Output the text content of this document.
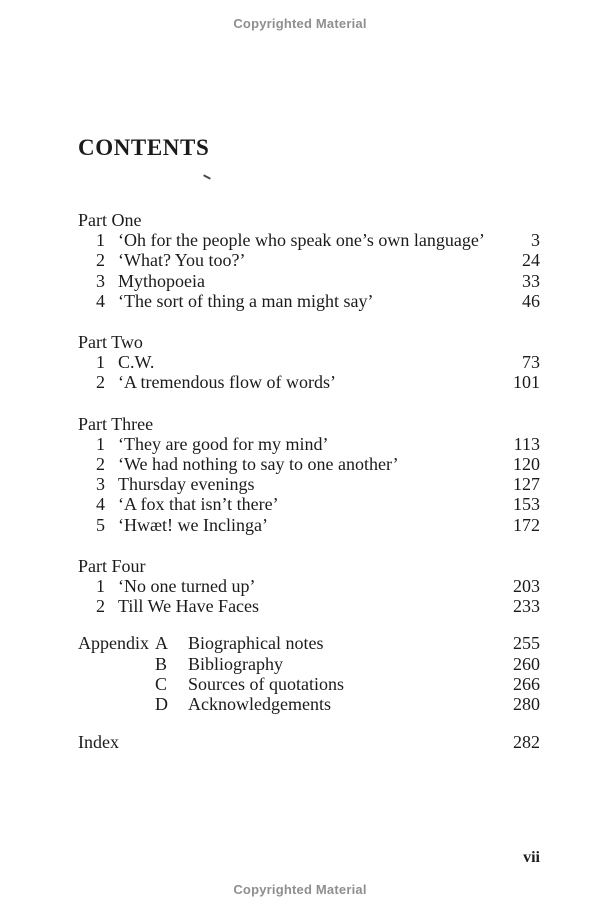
Copyrighted Material
CONTENTS
Part One
1 ‘Oh for the people who speak one’s own language’	3
2 ‘What? You too?’	24
3 Mythopoeia	33
4 ‘The sort of thing a man might say’	46
Part Two
1 C.W.	73
2 ‘A tremendous flow of words’	101
Part Three
1 ‘They are good for my mind’	113
2 ‘We had nothing to say to one another’	120
3 Thursday evenings	127
4 ‘A fox that isn’t there’	153
5 ‘Hwæt! we Inclinga’	172
Part Four
1 ‘No one turned up’	203
2 Till We Have Faces	233
Appendix A Biographical notes	255
B Bibliography	260
C Sources of quotations	266
D Acknowledgements	280
Index	282
vii
Copyrighted Material
